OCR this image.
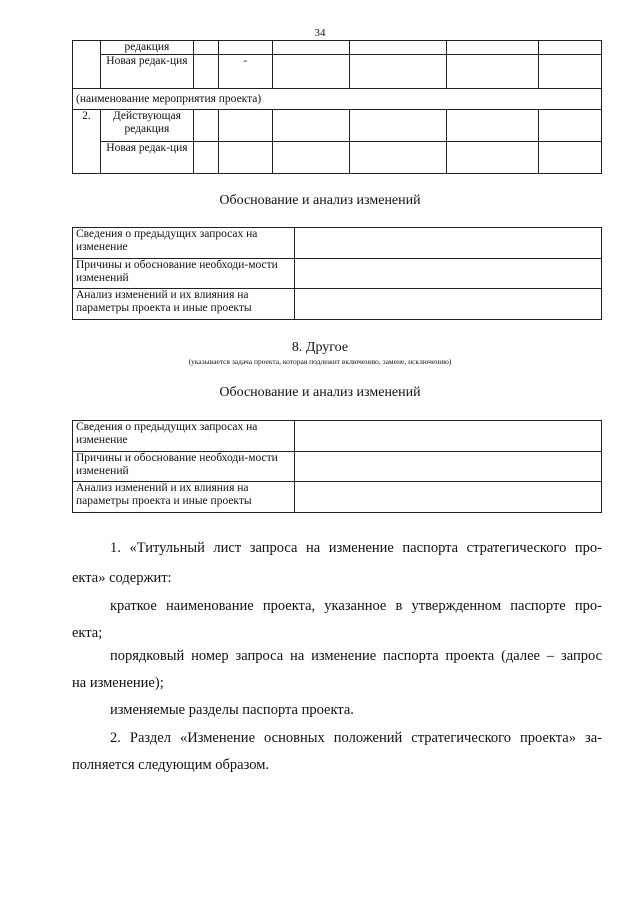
34
	редакция						
	Новая редак-ция		-				
(наименование мероприятия проекта)							
2.	Действующая редакция						
	Новая редак-ция						
Обоснование и анализ изменений
Сведения о предыдущих запросах на изменение	
Причины и обоснование необходи-мости изменений	
Анализ изменений и их влияния на параметры проекта и иные проекты	
8. Другое
(указывается задача проекта, которая подлежит включению, замене, исключению)
Обоснование и анализ изменений
Сведения о предыдущих запросах на изменение	
Причины и обоснование необходи-мости изменений	
Анализ изменений и их влияния на параметры проекта и иные проекты	
1. «Титульный лист запроса на изменение паспорта стратегического про-
екта» содержит:
краткое наименование проекта, указанное в утвержденном паспорте про-
екта;
порядковый номер запроса на изменение паспорта проекта (далее – запрос
на изменение);
изменяемые разделы паспорта проекта.
2. Раздел «Изменение основных положений стратегического проекта» за-
полняется следующим образом.
